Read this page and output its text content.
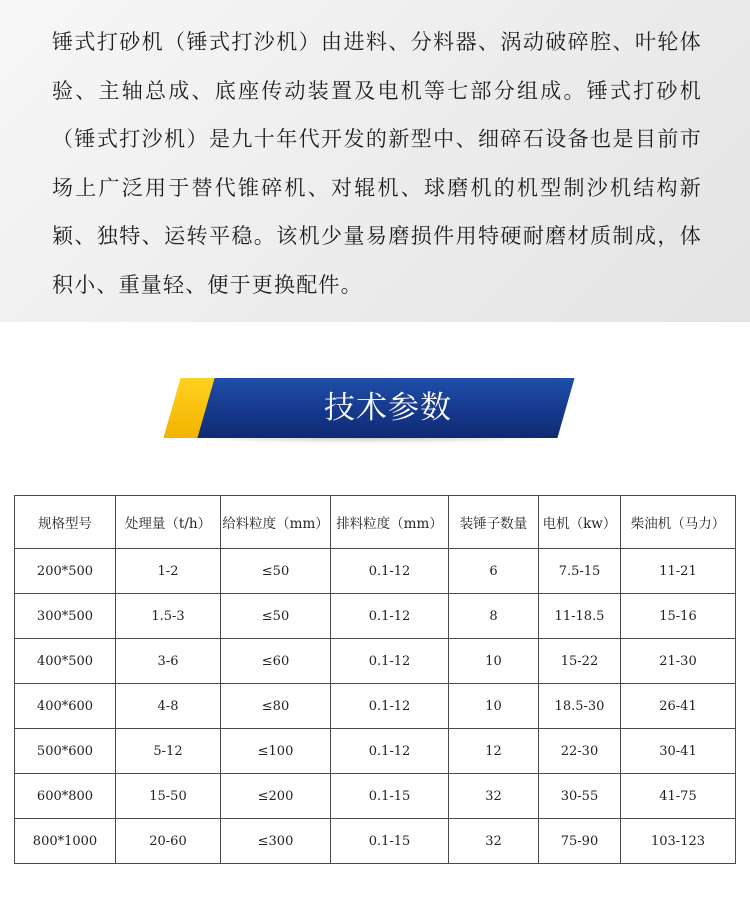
锤式打砂机（锤式打沙机）由进料、分料器、涡动破碎腔、叶轮体验、主轴总成、底座传动装置及电机等七部分组成。锤式打砂机（锤式打沙机）是九十年代开发的新型中、细碎石设备也是目前市场上广泛用于替代锥碎机、对辊机、球磨机的机型制沙机结构新颖、独特、运转平稳。该机少量易磨损件用特硬耐磨材质制成，体积小、重量轻、便于更换配件。

技术参数
规格型号	处理量（t/h）	给料粒度（mm）	排料粒度（mm）	装锤子数量	电机（kw）	柴油机（马力）
200*500	1-2	≤50	0.1-12	6	7.5-15	11-21
300*500	1.5-3	≤50	0.1-12	8	11-18.5	15-16
400*500	3-6	≤60	0.1-12	10	15-22	21-30
400*600	4-8	≤80	0.1-12	10	18.5-30	26-41
500*600	5-12	≤100	0.1-12	12	22-30	30-41
600*800	15-50	≤200	0.1-15	32	30-55	41-75
800*1000	20-60	≤300	0.1-15	32	75-90	103-123
